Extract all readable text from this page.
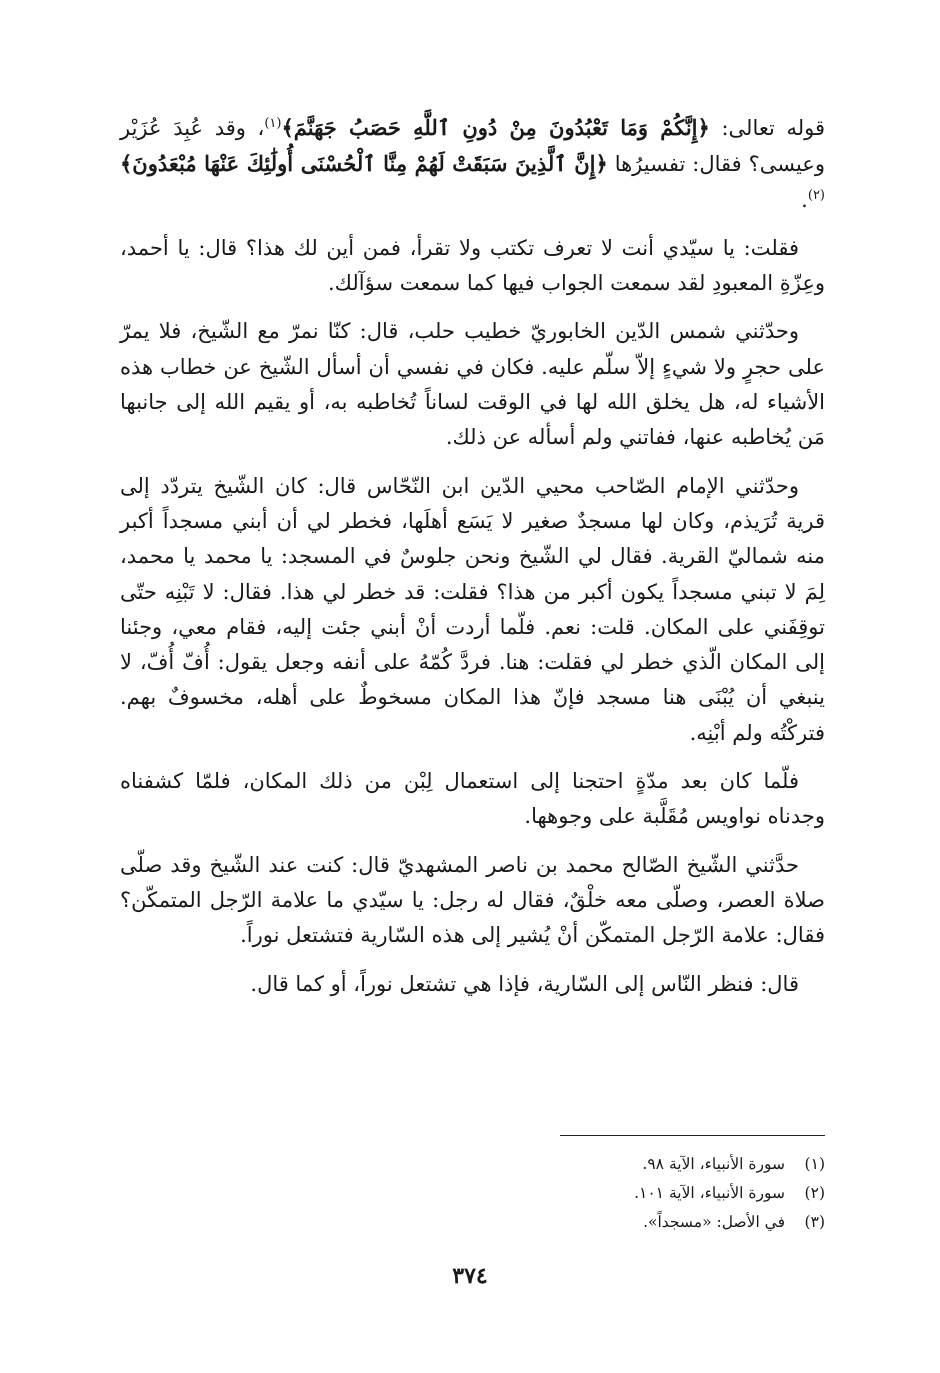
قوله تعالى: ﴿إِنَّكُمْ وَمَا تَعْبُدُونَ مِنْ دُونِ ٱللَّهِ حَصَبُ جَهَنَّمَ﴾$^{(١)}$، وقد عُبِدَ عُزَيْر وعيسى؟ فقال: تفسيرُها ﴿إِنَّ ٱلَّذِينَ سَبَقَتْ لَهُمْ مِنَّا ٱلْحُسْنَى أُولَٰئِكَ عَنْهَا مُبْعَدُونَ﴾$^{(٢)}$.

فقلت: يا سيّدي أنت لا تعرف تكتب ولا تقرأ، فمن أين لك هذا؟ قال: يا أحمد، وعِزّةِ المعبودِ لقد سمعت الجواب فيها كما سمعت سؤآلك.

وحدّثني شمس الدّين الخابوريّ خطيب حلب، قال: كنّا نمرّ مع الشّيخ، فلا يمرّ على حجرٍ ولا شيءٍ إلاّ سلّم عليه. فكان في نفسي أن أسأل الشّيخ عن خطاب هذه الأشياء له، هل يخلق الله لها في الوقت لساناً تُخاطبه به، أو يقيم الله إلى جانبها مَن يُخاطبه عنها، ففاتني ولم أسأله عن ذلك.

وحدّثني الإمام الصّاحب محيي الدّين ابن النّحّاس قال: كان الشّيخ يتردّد إلى قرية تُرَيذم، وكان لها مسجدٌ صغير لا يَسَع أهلَها، فخطر لي أن أبني مسجداً أكبر منه شماليّ القرية. فقال لي الشّيخ ونحن جلوسٌ في المسجد: يا محمد يا محمد، لِمَ لا تبني مسجداً يكون أكبر من هذا؟ فقلت: قد خطر لي هذا. فقال: لا تَبْنِه حتّى توقِفَني على المكان. قلت: نعم. فلّما أردت أنْ أبني جئت إليه، فقام معي، وجئنا إلى المكان الّذي خطر لي فقلت: هنا. فردَّ كُمّهُ على أنفه وجعل يقول: أُفّ أُفّ، لا ينبغي أن يُبْنَى هنا مسجد فإنّ هذا المكان مسخوطٌ على أهله، مخسوفٌ بهم. فتركْتُه ولم أبْنِه.

فلّما كان بعد مدّةٍ احتجنا إلى استعمال لِبْن من ذلك المكان، فلمّا كشفناه وجدناه نواويس مُقَلَّبة على وجوهها.

حدَّثني الشّيخ الصّالح محمد بن ناصر المشهديّ قال: كنت عند الشّيخ وقد صلّى صلاة العصر، وصلّى معه خلْقٌ، فقال له رجل: يا سيّدي ما علامة الرّجل المتمكّن؟ فقال: علامة الرّجل المتمكّن أنْ يُشير إلى هذه السّارية فتشتعل نوراً.

قال: فنظر النّاس إلى السّارية، فإذا هي تشتعل نوراً، أو كما قال.

(١)سورة الأنبياء، الآية ٩٨.
(٢)سورة الأنبياء، الآية ١٠١.
(٣)في الأصل: «مسجداً».
٣٧٤
